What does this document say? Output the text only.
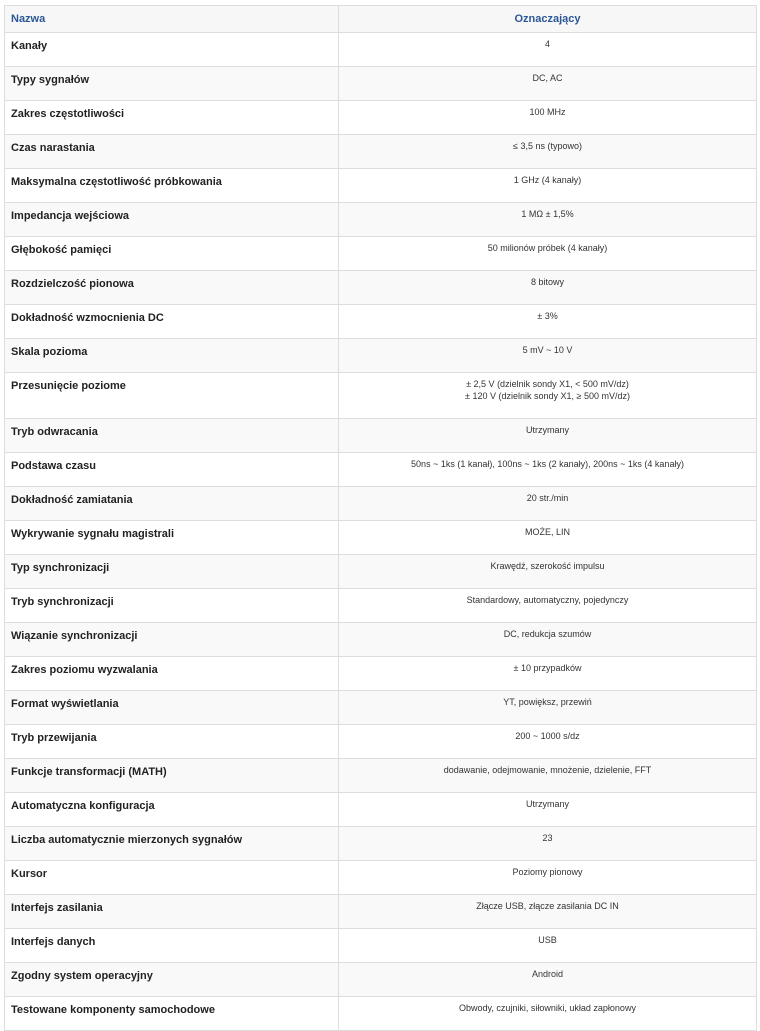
Nazwa	Oznaczający
Kanały	4

Typy sygnałów	DC, AC

Zakres częstotliwości	100 MHz

Czas narastania	≤ 3,5 ns (typowo)

Maksymalna częstotliwość próbkowania	1 GHz (4 kanały)

Impedancja wejściowa	1 MΩ ± 1,5%

Głębokość pamięci	50 milionów próbek (4 kanały)

Rozdzielczość pionowa	8 bitowy

Dokładność wzmocnienia DC	± 3%

Skala pozioma	5 mV ~ 10 V

Przesunięcie poziome	± 2,5 V (dzielnik sondy X1, < 500 mV/dz)
± 120 V (dzielnik sondy X1, ≥ 500 mV/dz)

Tryb odwracania	Utrzymany

Podstawa czasu	50ns ~ 1ks (1 kanał), 100ns ~ 1ks (2 kanały), 200ns ~ 1ks (4 kanały)

Dokładność zamiatania	20 str./min

Wykrywanie sygnału magistrali	MOŻE, LIN

Typ synchronizacji	Krawędź, szerokość impulsu

Tryb synchronizacji	Standardowy, automatyczny, pojedynczy

Wiązanie synchronizacji	DC, redukcja szumów

Zakres poziomu wyzwalania	± 10 przypadków

Format wyświetlania	YT, powiększ, przewiń

Tryb przewijania	200 ~ 1000 s/dz

Funkcje transformacji (MATH)	dodawanie, odejmowanie, mnożenie, dzielenie, FFT

Automatyczna konfiguracja	Utrzymany

Liczba automatycznie mierzonych sygnałów	23

Kursor	Poziomy pionowy

Interfejs zasilania	Złącze USB, złącze zasilania DC IN

Interfejs danych	USB

Zgodny system operacyjny	Android

Testowane komponenty samochodowe	Obwody, czujniki, siłowniki, układ zapłonowy
